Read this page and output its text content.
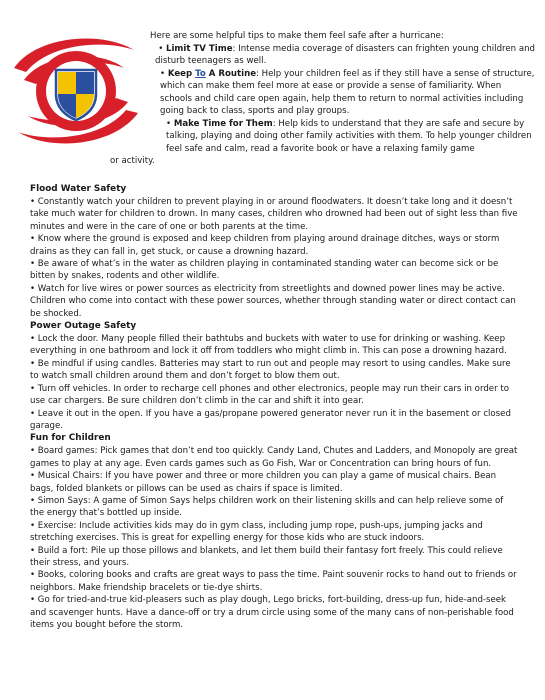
Here are some helpful tips to make them feel safe after a hurricane:

• Limit TV Time: Intense media coverage of disasters can frighten young children and disturb teenagers as well.

• Keep To A Routine: Help your children feel as if they still have a sense of structure, which can make them feel more at ease or provide a sense of familiarity. When schools and child care open again, help them to return to normal activities including going back to class, sports and play groups.

• Make Time for Them: Help kids to understand that they are safe and secure by talking, playing and doing other family activities with them. To help younger children feel safe and calm, read a favorite book or have a relaxing family game

or activity.

Flood Water Safety

• Constantly watch your children to prevent playing in or around floodwaters. It doesn’t take long and it doesn’t take much water for children to drown. In many cases, children who drowned had been out of sight less than five minutes and were in the care of one or both parents at the time.

• Know where the ground is exposed and keep children from playing around drainage ditches, ways or storm drains as they can fall in, get stuck, or cause a drowning hazard.

• Be aware of what’s in the water as children playing in contaminated standing water can become sick or be bitten by snakes, rodents and other wildlife.

• Watch for live wires or power sources as electricity from streetlights and downed power lines may be active. Children who come into contact with these power sources, whether through standing water or direct contact can be shocked.

Power Outage Safety

• Lock the door. Many people filled their bathtubs and buckets with water to use for drinking or washing. Keep everything in one bathroom and lock it off from toddlers who might climb in. This can pose a drowning hazard.

• Be mindful if using candles. Batteries may start to run out and people may resort to using candles. Make sure to watch small children around them and don’t forget to blow them out.

• Turn off vehicles. In order to recharge cell phones and other electronics, people may run their cars in order to use car chargers. Be sure children don’t climb in the car and shift it into gear.

• Leave it out in the open. If you have a gas/propane powered generator never run it in the basement or closed garage.

Fun for Children

• Board games: Pick games that don’t end too quickly. Candy Land, Chutes and Ladders, and Monopoly are great games to play at any age. Even cards games such as Go Fish, War or Concentration can bring hours of fun.

• Musical Chairs: If you have power and three or more children you can play a game of musical chairs. Bean bags, folded blankets or pillows can be used as chairs if space is limited.

• Simon Says: A game of Simon Says helps children work on their listening skills and can help relieve some of the energy that’s bottled up inside.

• Exercise: Include activities kids may do in gym class, including jump rope, push-ups, jumping jacks and stretching exercises. This is great for expelling energy for those kids who are stuck indoors.

• Build a fort: Pile up those pillows and blankets, and let them build their fantasy fort freely. This could relieve their stress, and yours.

• Books, coloring books and crafts are great ways to pass the time. Paint souvenir rocks to hand out to friends or neighbors. Make friendship bracelets or tie-dye shirts.

• Go for tried-and-true kid-pleasers such as play dough, Lego bricks, fort-building, dress-up fun, hide-and-seek and scavenger hunts. Have a dance-off or try a drum circle using some of the many cans of non-perishable food items you bought before the storm.
